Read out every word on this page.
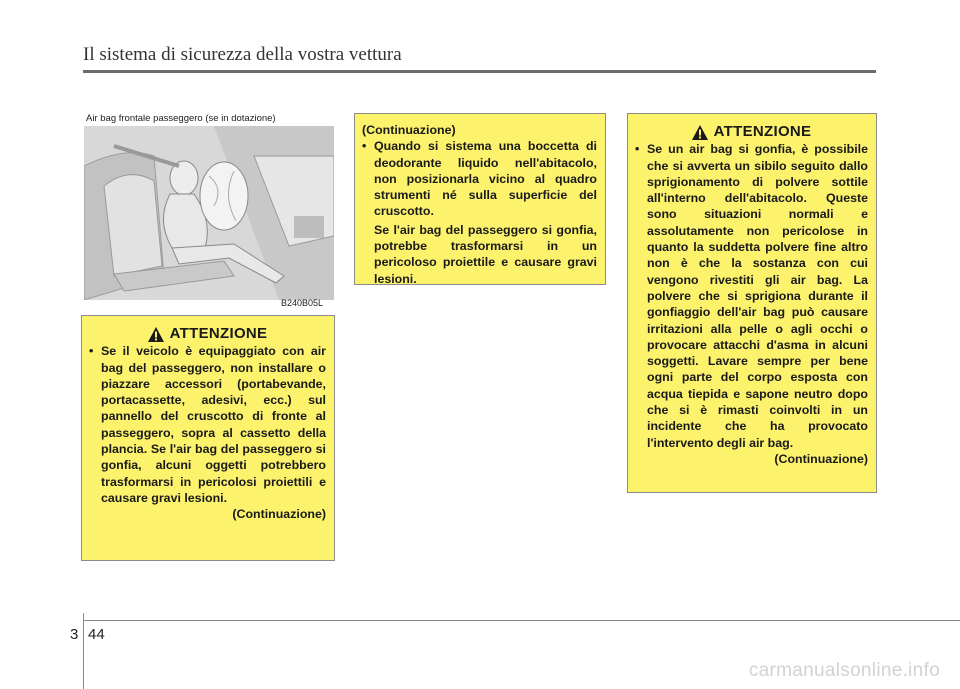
Il sistema di sicurezza della vostra vettura
Air bag frontale passeggero (se in dotazione)
B240B05L
ATTENZIONE
• Se il veicolo è equipaggiato con air bag del passeggero, non installare o piazzare accessori (portabevande, portacassette, adesivi, ecc.) sul pannello del cruscotto di fronte al passeggero, sopra al cassetto della plancia. Se l'air bag del passeggero si gonfia, alcuni oggetti potrebbero trasformarsi in pericolosi proiettili e causare gravi lesioni.
(Continuazione)
(Continuazione)
• Quando si sistema una boccetta di deodorante liquido nell'abitacolo, non posizionarla vicino al quadro strumenti né sulla superficie del cruscotto.
Se l'air bag del passeggero si gonfia, potrebbe trasformarsi in un pericoloso proiettile e causare gravi lesioni.
ATTENZIONE
• Se un air bag si gonfia, è possibile che si avverta un sibilo seguito dallo sprigionamento di polvere sottile all'interno dell'abitacolo. Queste sono situazioni normali e assolutamente non pericolose in quanto la suddetta polvere fine altro non è che la sostanza con cui vengono rivestiti gli air bag. La polvere che si sprigiona durante il gonfiaggio dell'air bag può causare irritazioni alla pelle o agli occhi o provocare attacchi d'asma in alcuni soggetti. Lavare sempre per bene ogni parte del corpo esposta con acqua tiepida e sapone neutro dopo che si è rimasti coinvolti in un incidente che ha provocato l'intervento degli air bag.
(Continuazione)
3 44
carmanualsonline.info
